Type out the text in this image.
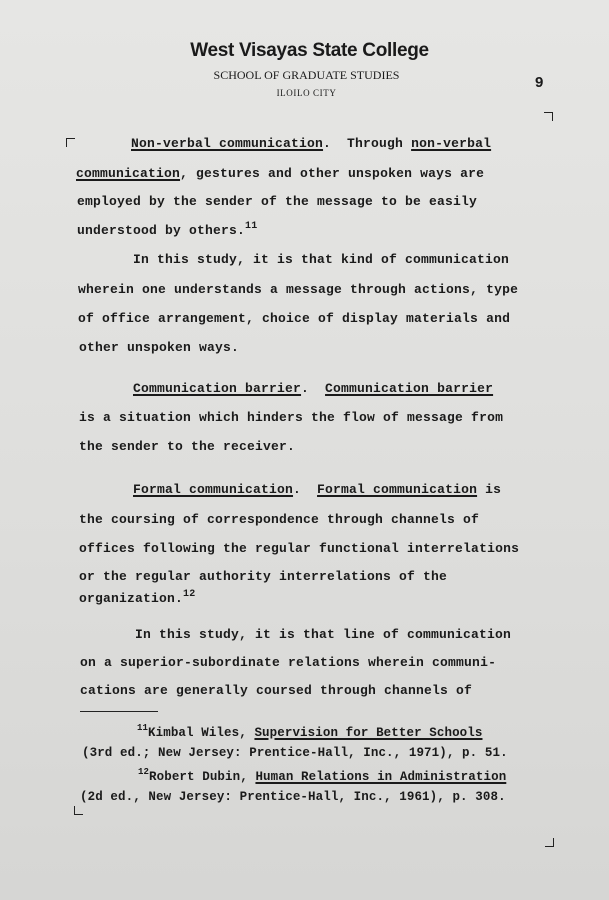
West Visayas State College
SCHOOL OF GRADUATE STUDIES
ILOILO CITY
9
Non-verbal communication.  Through non-verbal
communication, gestures and other unspoken ways are
employed by the sender of the message to be easily
understood by others.$^{11}$
In this study, it is that kind of communication
wherein one understands a message through actions, type
of office arrangement, choice of display materials and
other unspoken ways.
Communication barrier.  Communication barrier
is a situation which hinders the flow of message from
the sender to the receiver.
Formal communication.  Formal communication is
the coursing of correspondence through channels of
offices following the regular functional interrelations
or the regular authority interrelations of the
organization.$^{12}$
In this study, it is that line of communication
on a superior-subordinate relations wherein communi-
cations are generally coursed through channels of
$^{11}$Kimbal Wiles, Supervision for Better Schools
(3rd ed.; New Jersey: Prentice-Hall, Inc., 1971), p. 51.
$^{12}$Robert Dubin, Human Relations in Administration
(2d ed., New Jersey: Prentice-Hall, Inc., 1961), p. 308.
